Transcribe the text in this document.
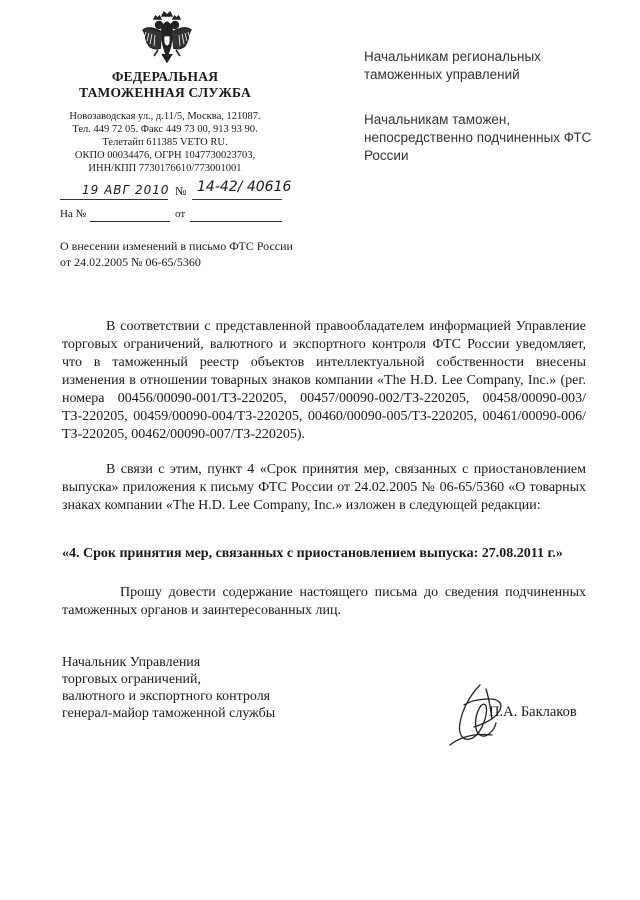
ФЕДЕРАЛЬНАЯ
ТАМОЖЕННАЯ СЛУЖБА
Новозаводская ул., д.11/5, Москва, 121087.
Тел. 449 72 05. Факс 449 73 00, 913 93 90.
Телетайп 611385 VETO RU.
ОКПО 00034476, ОГРН 1047730023703,
ИНН/КПП 7730176610/773001001
19 АВГ 2010 № 14-42/ 40616
На №	от
О внесении изменений в письмо ФТС России от 24.02.2005 № 06-65/5360
Начальникам региональных таможенных управлений
Начальникам таможен, непосредственно подчиненных ФТС России
В соответствии с представленной правообладателем информацией Управление торговых ограничений, валютного и экспортного контроля ФТС России уведомляет, что в таможенный реестр объектов интеллектуальной собственности внесены изменения в отношении товарных знаков компании «The H.D. Lee Company, Inc.» (рег. номера 00456/00090-001/ТЗ-220205, 00457/00090-002/ТЗ-220205, 00458/00090-003/ТЗ-220205, 00459/00090-004/ТЗ-220205, 00460/00090-005/ТЗ-220205, 00461/00090-006/ТЗ-220205, 00462/00090-007/ТЗ-220205).
В связи с этим, пункт 4 «Срок принятия мер, связанных с приостановлением выпуска» приложения к письму ФТС России от 24.02.2005 № 06-65/5360 «О товарных знаках компании «The H.D. Lee Company, Inc.» изложен в следующей редакции:
«4. Срок принятия мер, связанных с приостановлением выпуска: 27.08.2011 г.»
Прошу довести содержание настоящего письма до сведения подчиненных таможенных органов и заинтересованных лиц.
Начальник Управления
торговых ограничений,
валютного и экспортного контроля
генерал-майор таможенной службы	П.А. Баклаков
